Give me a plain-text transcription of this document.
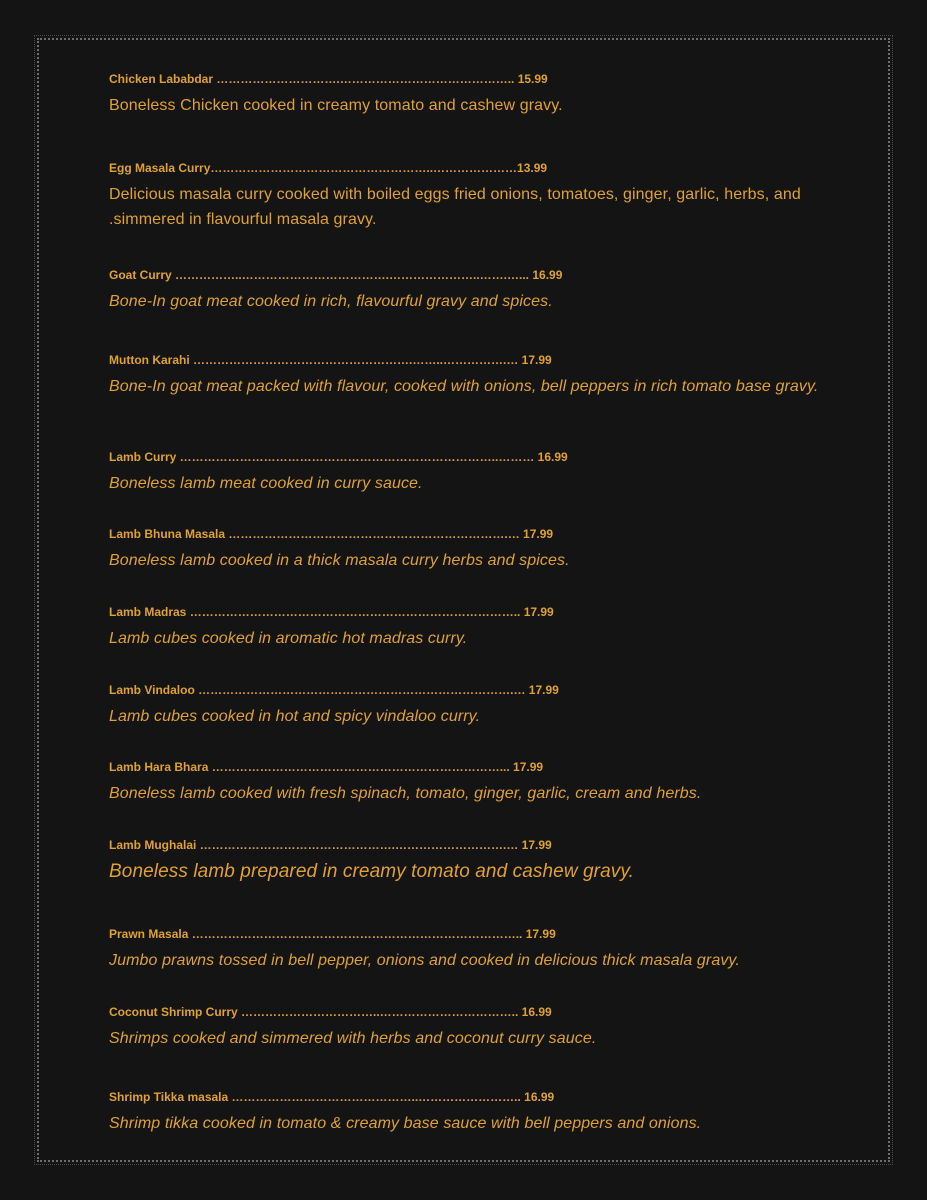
Chicken Lababdar ………………………….…………………………………….. 15.99
Boneless Chicken cooked in creamy tomato and cashew gravy.
Egg Masala Curry………………………………………………..…………………13.99
Delicious masala curry cooked with boiled eggs fried onions, tomatoes, ginger, garlic, herbs, and .simmered in flavourful masala gravy.
Goat Curry ……………..……………………………….…………………..…….…... 16.99
Bone-In goat meat cooked in rich, flavourful gravy and spices.
Mutton Karahi ……………………………………………….……..…………….… 17.99
Bone-In goat meat packed with flavour, cooked with onions, bell peppers in rich tomato base gravy.
Lamb Curry ……………………………………………………………………..……… 16.99
Boneless lamb meat cooked in curry sauce.
Lamb Bhuna Masala …………………………………………………………….… 17.99
Boneless lamb cooked in a thick masala curry herbs and spices.
Lamb Madras ……………………………………………………………………….. 17.99
Lamb cubes cooked in aromatic hot madras curry.
Lamb Vindaloo …………………………………………………………………….… 17.99
Lamb cubes cooked in hot and spicy vindaloo curry.
Lamb Hara Bhara ………………………………………………………………... 17.99
Boneless lamb cooked with fresh spinach, tomato, ginger, garlic, cream and herbs.
Lamb Mughalai ………………………………………….……………………….… 17.99
Boneless lamb prepared in creamy tomato and cashew gravy.
Prawn Masala ……………………………………………………………………….. 17.99
Jumbo prawns tossed in bell pepper, onions and cooked in delicious thick masala gravy.
Coconut Shrimp Curry ……………………………..…………………………….. 16.99
Shrimps cooked and simmered with herbs and coconut curry sauce.
Shrimp Tikka masala ………………………………………..…………………….. 16.99
Shrimp tikka cooked in tomato & creamy base sauce with bell peppers and onions.
